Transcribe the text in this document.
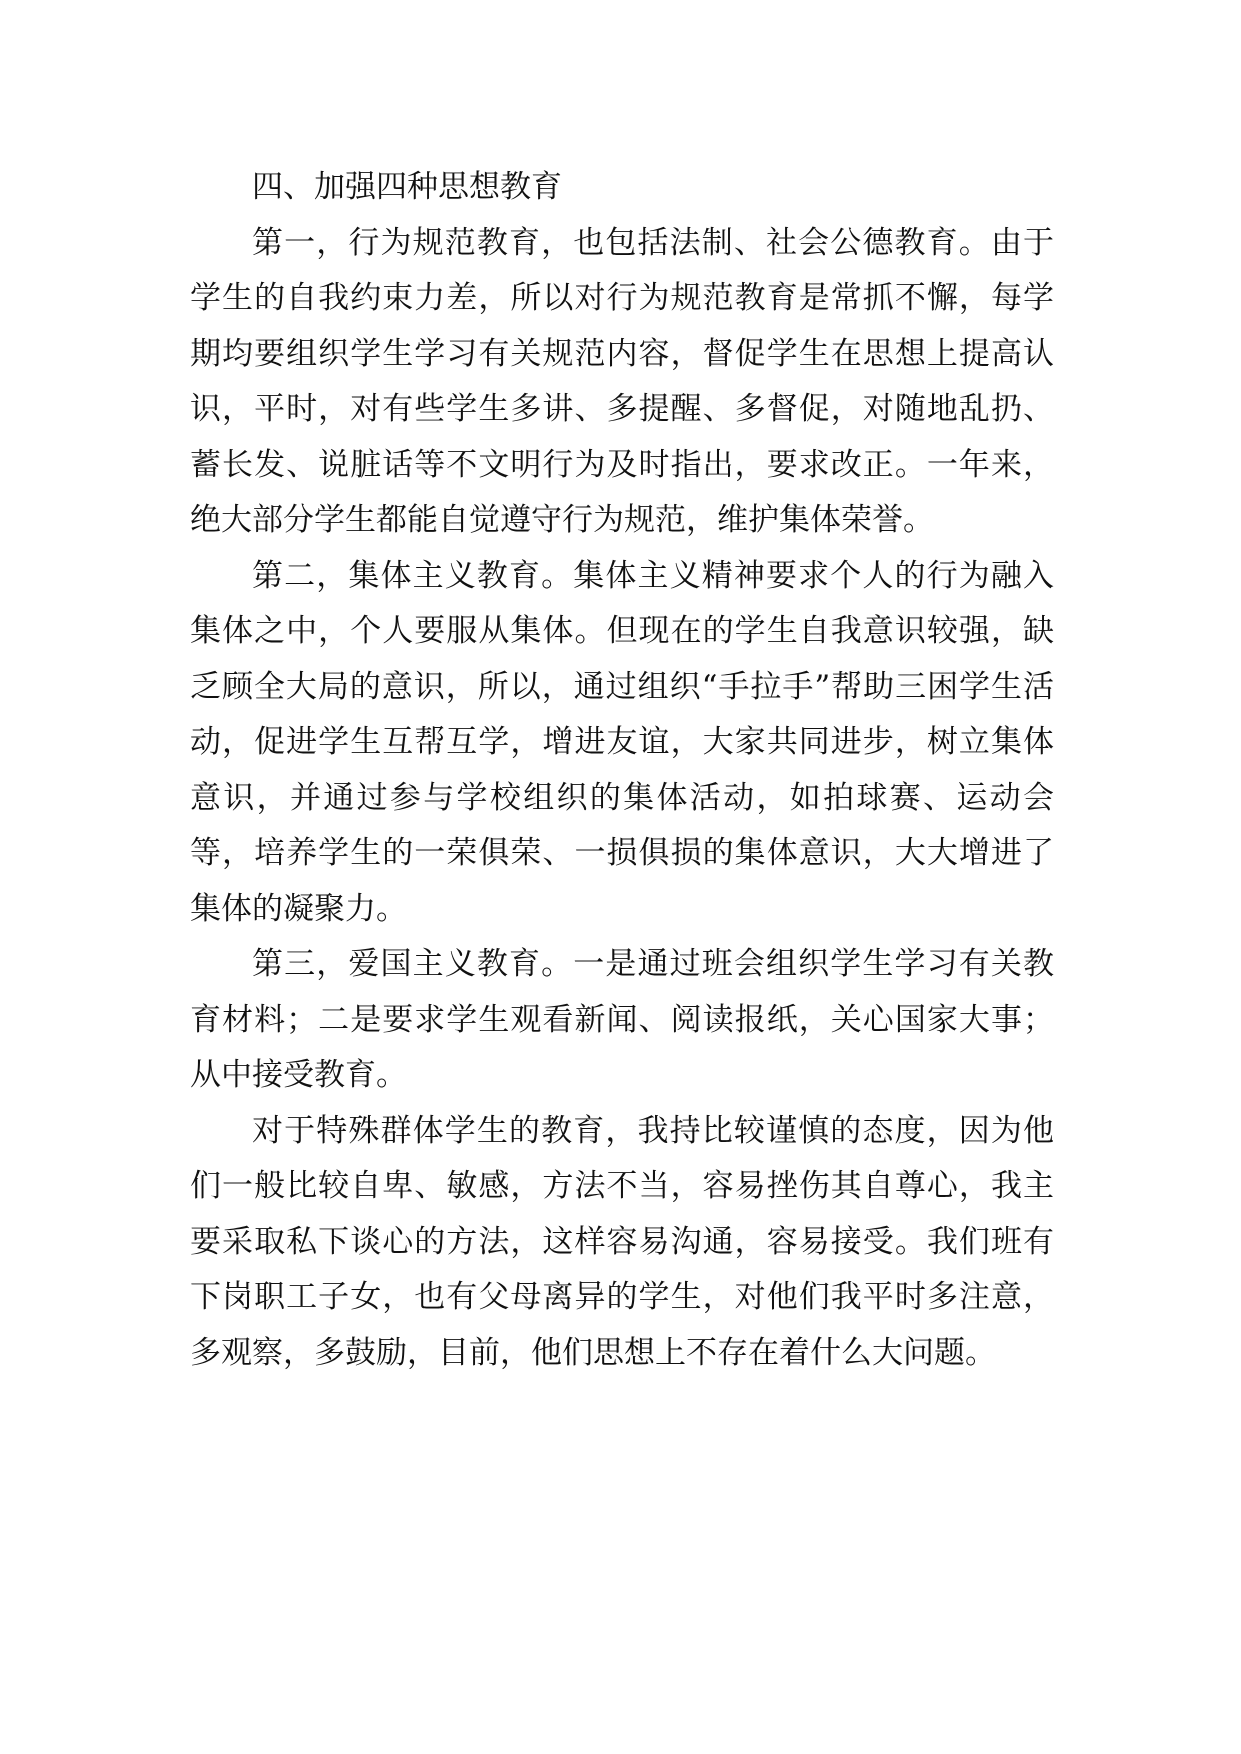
四、加强四种思想教育

第一，行为规范教育，也包括法制、社会公德教育。由于学生的自我约束力差，所以对行为规范教育是常抓不懈，每学期均要组织学生学习有关规范内容，督促学生在思想上提高认识，平时，对有些学生多讲、多提醒、多督促，对随地乱扔、蓄长发、说脏话等不文明行为及时指出，要求改正。一年来，绝大部分学生都能自觉遵守行为规范，维护集体荣誉。

第二，集体主义教育。集体主义精神要求个人的行为融入集体之中，个人要服从集体。但现在的学生自我意识较强，缺乏顾全大局的意识，所以，通过组织“手拉手”帮助三困学生活动，促进学生互帮互学，增进友谊，大家共同进步，树立集体意识，并通过参与学校组织的集体活动，如拍球赛、运动会等，培养学生的一荣俱荣、一损俱损的集体意识，大大增进了集体的凝聚力。

第三，爱国主义教育。一是通过班会组织学生学习有关教育材料；二是要求学生观看新闻、阅读报纸，关心国家大事；从中接受教育。

对于特殊群体学生的教育，我持比较谨慎的态度，因为他们一般比较自卑、敏感，方法不当，容易挫伤其自尊心，我主要采取私下谈心的方法，这样容易沟通，容易接受。我们班有下岗职工子女，也有父母离异的学生，对他们我平时多注意，多观察，多鼓励，目前，他们思想上不存在着什么大问题。
